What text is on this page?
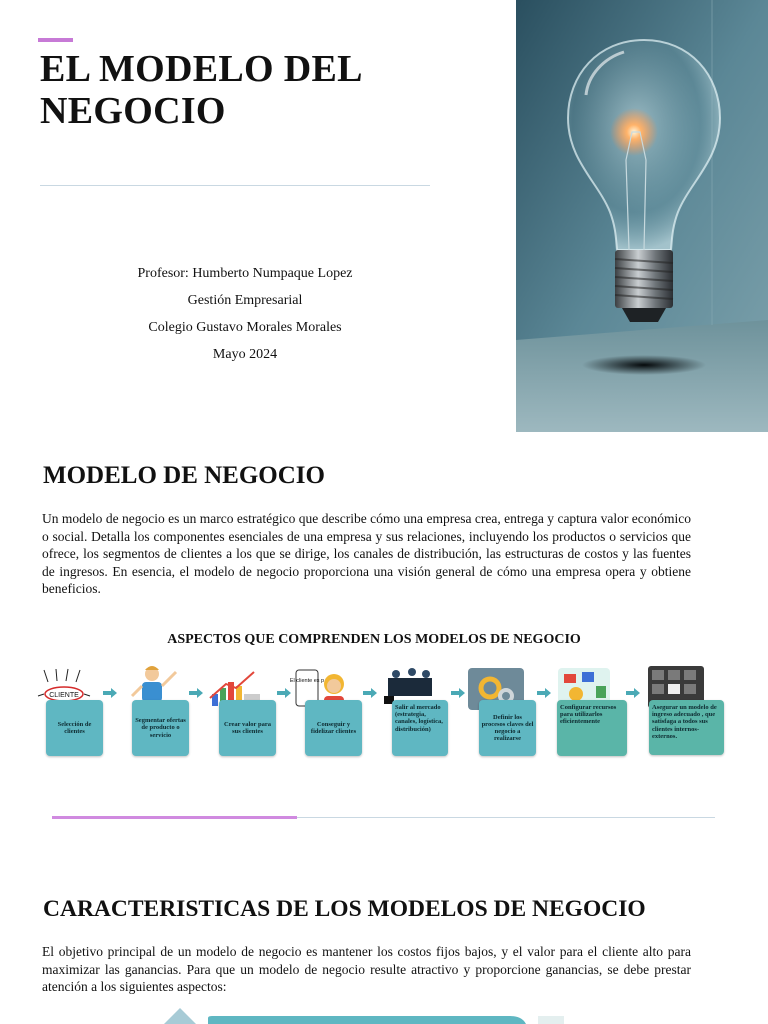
EL MODELO DEL NEGOCIO
Profesor: Humberto Numpaque Lopez
Gestión Empresarial
Colegio Gustavo Morales Morales
Mayo 2024
MODELO DE NEGOCIO

Un modelo de negocio es un marco estratégico que describe cómo una empresa crea, entrega y captura valor económico o social. Detalla los componentes esenciales de una empresa y sus relaciones, incluyendo los productos o servicios que ofrece, los segmentos de clientes a los que se dirige, los canales de distribución, las estructuras de costos y las fuentes de ingresos. En esencia, el modelo de negocio proporciona una visión general de cómo una empresa opera y obtiene beneficios.

ASPECTOS QUE COMPRENDEN LOS MODELOS DE NEGOCIO
CLIENTE
El cliente es p
Selección de clientes
Segmentar ofertas de producto o servicio
Crear valor para sus clientes
Conseguir y fidelizar clientes
Salir al mercado (estrategia, canales, logística, distribución)
Definir los procesos claves del negocio a realizarse
Configurar recursos para utilizarlos eficientemente
Asegurar un modelo de ingreso adecuado , que satisfaga a todos sus clientes internos-externos.
CARACTERISTICAS DE LOS MODELOS DE NEGOCIO

El objetivo principal de un modelo de negocio es mantener los costos fijos bajos, y el valor para el cliente alto para maximizar las ganancias. Para que un modelo de negocio resulte atractivo y proporcione ganancias, se debe prestar atención a los siguientes aspectos:
